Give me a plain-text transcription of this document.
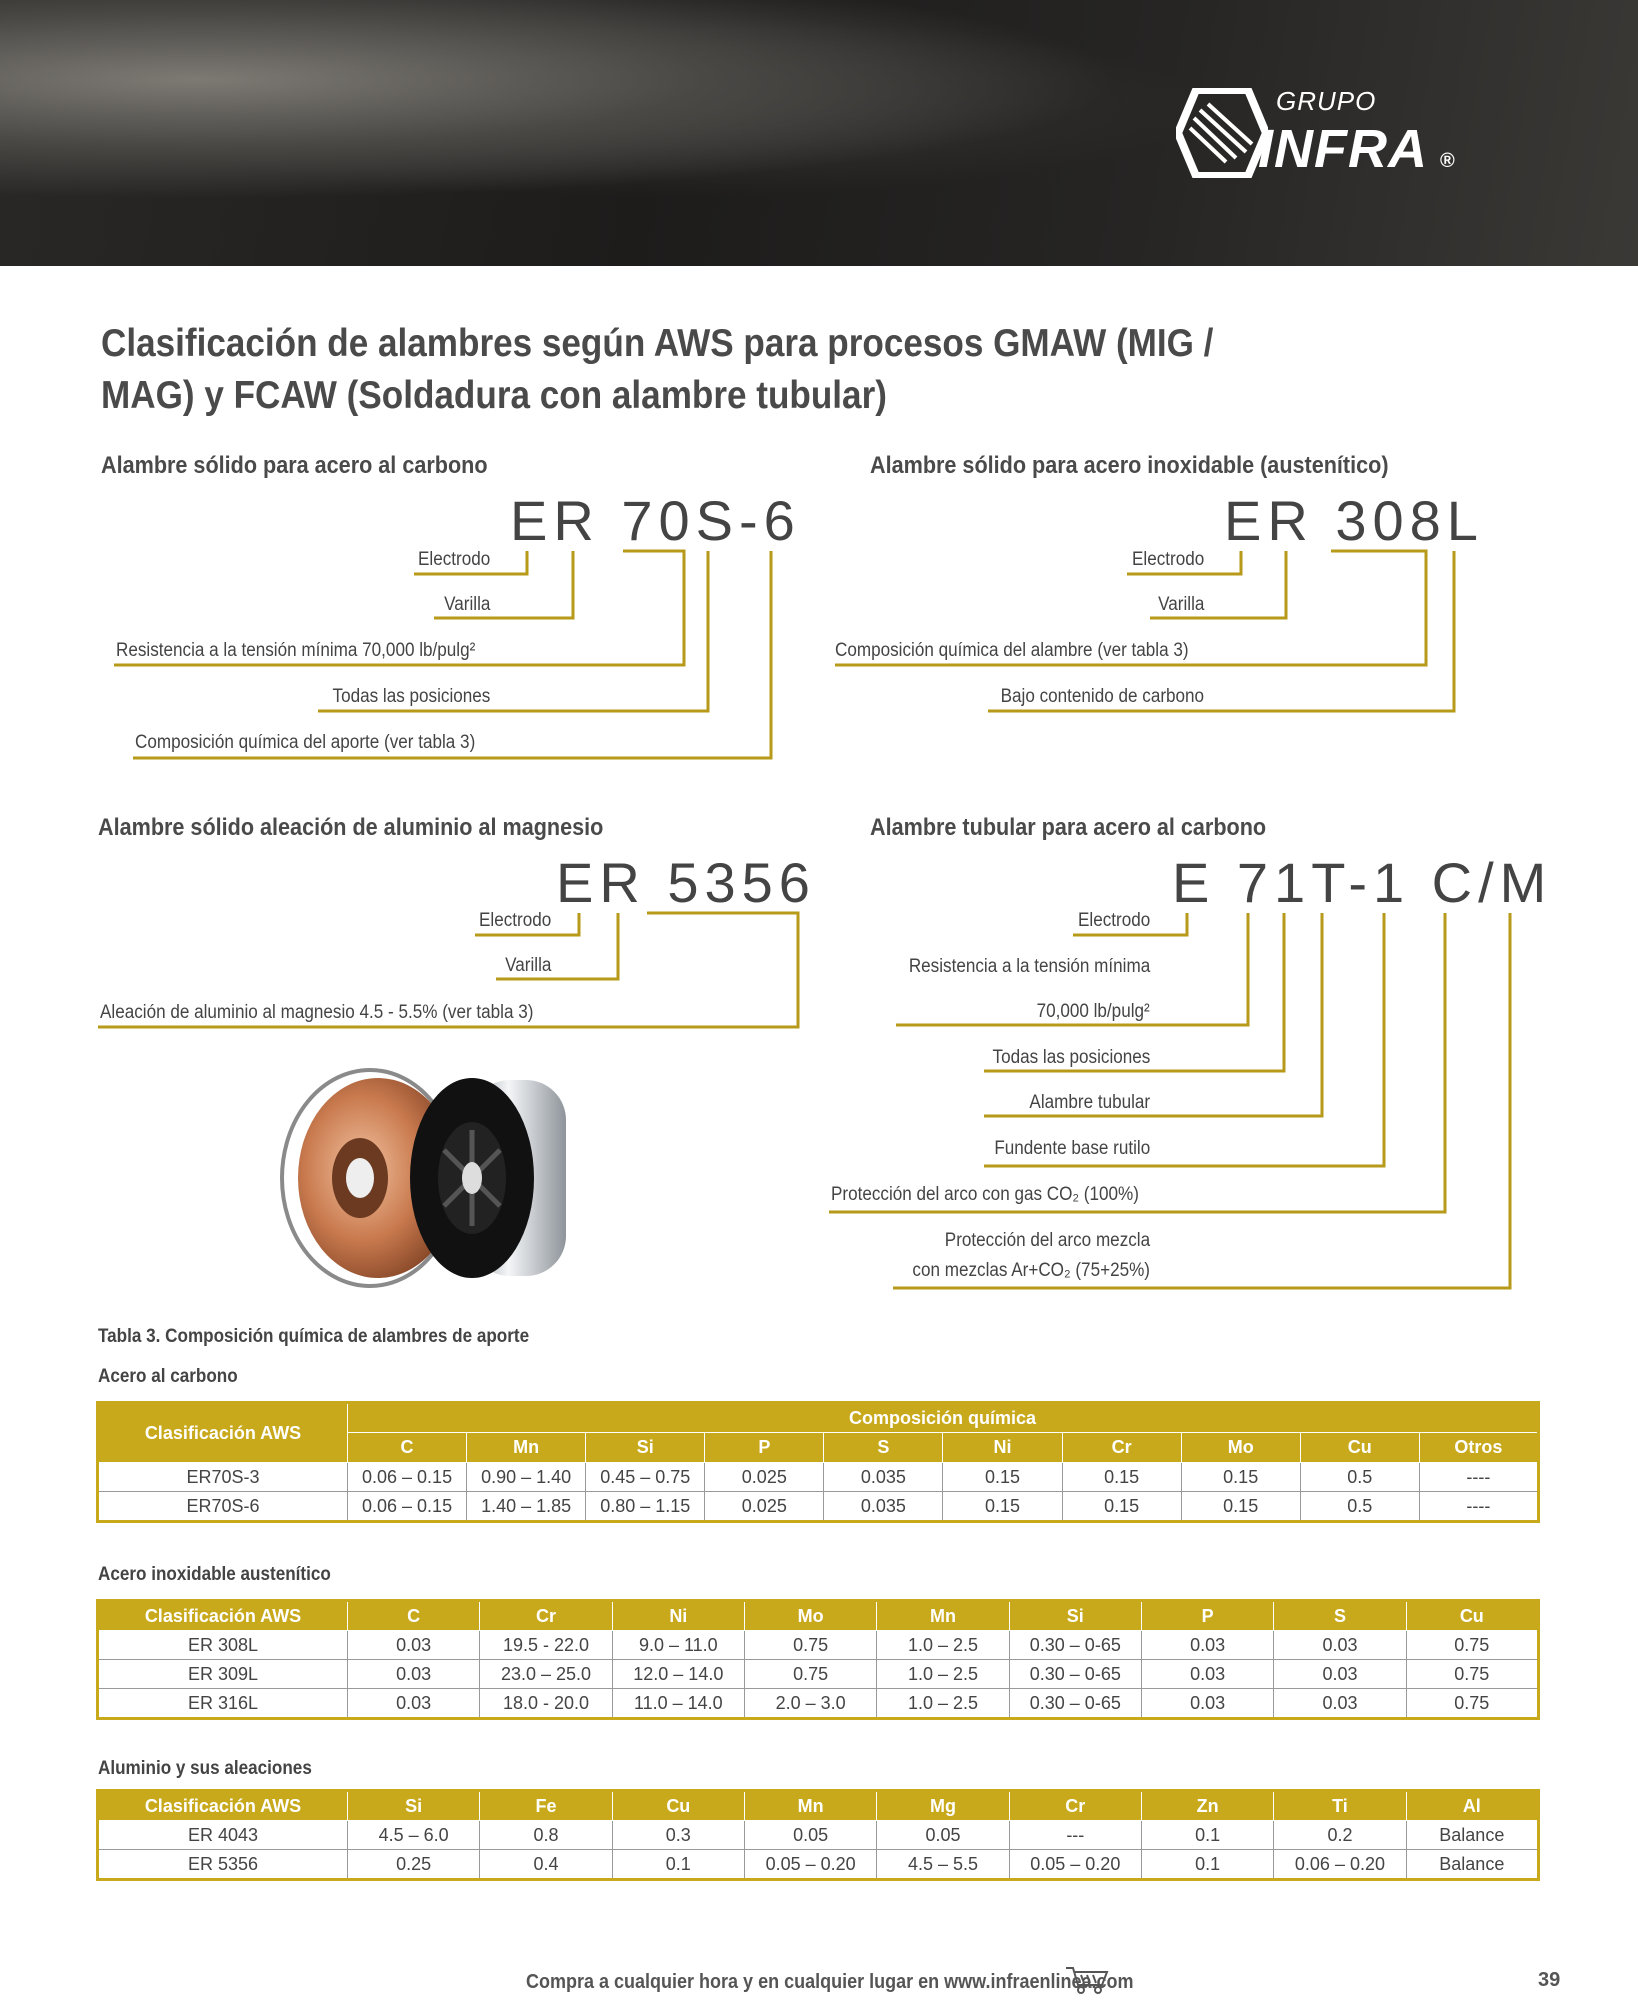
GRUPO
INFRA ®
Clasificación de alambres según AWS para procesos GMAW (MIG / MAG) y FCAW (Soldadura con alambre tubular)
Alambre sólido para acero al carbono	Alambre sólido para acero inoxidable (austenítico)
Alambre sólido aleación de aluminio al magnesio	Alambre tubular para acero al carbono
ER 70S-6	ER 308L
ER 5356	E 71T-1 C/M
Electrodo
Varilla
Resistencia a la tensión mínima 70,000 lb/pulg²
Todas las posiciones
Composición química del aporte (ver tabla 3)
Electrodo
Varilla
Composición química del alambre (ver tabla 3)
Bajo contenido de carbono
Electrodo
Varilla
Aleación de aluminio al magnesio 4.5 - 5.5% (ver tabla 3)
Electrodo
Resistencia a la tensión mínima
70,000 lb/pulg²
Todas las posiciones
Alambre tubular
Fundente base rutilo
Protección del arco con gas CO₂ (100%)
Protección del arco mezcla
con mezclas Ar+CO₂ (75+25%)
Tabla 3. Composición química de alambres de aporte
Acero al carbono
Clasificación AWS	Composición química									
	C	Mn	Si	P	S	Ni	Cr	Mo	Cu	Otros
ER70S-3	0.06 – 0.15	0.90 – 1.40	0.45 – 0.75	0.025	0.035	0.15	0.15	0.15	0.5	----
ER70S-6	0.06 – 0.15	1.40 – 1.85	0.80 – 1.15	0.025	0.035	0.15	0.15	0.15	0.5	----
Acero inoxidable austenítico
Clasificación AWS	C	Cr	Ni	Mo	Mn	Si	P	S	Cu
ER 308L	0.03	19.5 - 22.0	9.0 – 11.0	0.75	1.0 – 2.5	0.30 – 0-65	0.03	0.03	0.75
ER 309L	0.03	23.0 – 25.0	12.0 – 14.0	0.75	1.0 – 2.5	0.30 – 0-65	0.03	0.03	0.75
ER 316L	0.03	18.0 - 20.0	11.0 – 14.0	2.0 – 3.0	1.0 – 2.5	0.30 – 0-65	0.03	0.03	0.75
Aluminio y sus aleaciones
Clasificación AWS	Si	Fe	Cu	Mn	Mg	Cr	Zn	Ti	Al
ER 4043	4.5 – 6.0	0.8	0.3	0.05	0.05	---	0.1	0.2	Balance
ER 5356	0.25	0.4	0.1	0.05 – 0.20	4.5 – 5.5	0.05 – 0.20	0.1	0.06 – 0.20	Balance
Compra a cualquier hora y en cualquier lugar en www.infraenlinea.com	39
